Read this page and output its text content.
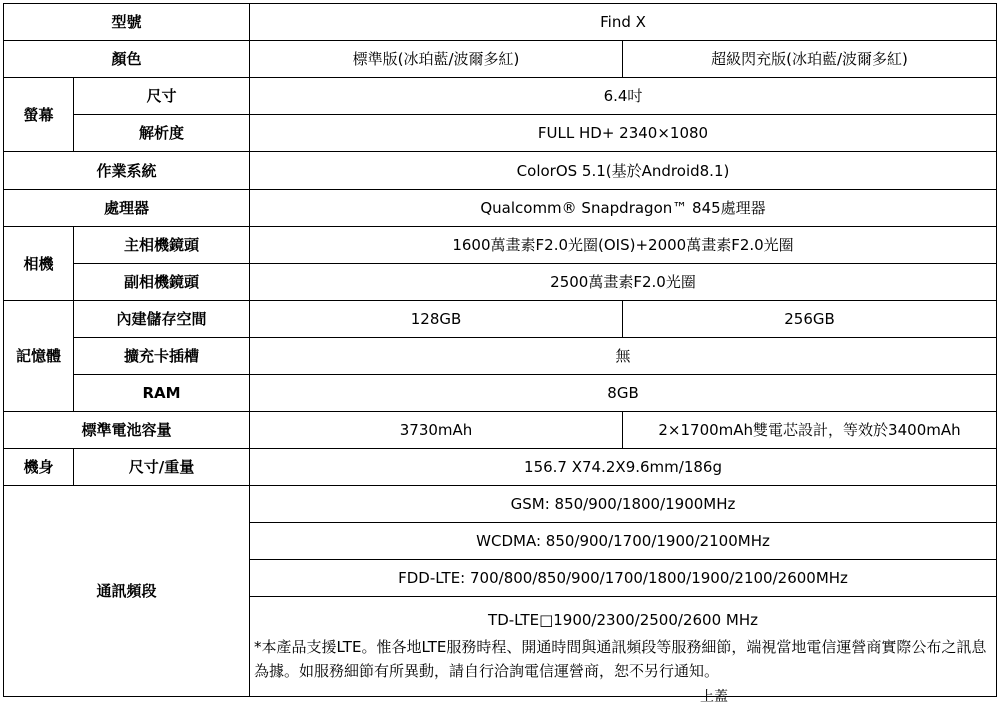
型號		Find X	
顏色		標準版(冰珀藍/波爾多紅)	超級閃充版(冰珀藍/波爾多紅)
螢幕	尺寸	6.4吋	
	解析度	FULL HD+ 2340×1080	
作業系統		ColorOS 5.1(基於Android8.1)	
處理器		Qualcomm® Snapdragon™ 845處理器	
相機	主相機鏡頭	1600萬畫素F2.0光圈(OIS)+2000萬畫素F2.0光圈	
	副相機鏡頭	2500萬畫素F2.0光圈	
記憶體	內建儲存空間	128GB	256GB
	擴充卡插槽	無	
	RAM	8GB	
標準電池容量		3730mAh	2×1700mAh雙電芯設計，等效於3400mAh
機身	尺寸/重量	156.7 X74.2X9.6mm/186g	
通訊頻段		GSM: 850/900/1800/1900MHz	
		WCDMA: 850/900/1700/1900/2100MHz	
		FDD-LTE: 700/800/850/900/1700/1800/1900/2100/2600MHz	

		TD-LTE□1900/2300/2500/2600 MHz
*本產品支援LTE。惟各地LTE服務時程、開通時間與通訊頻段等服務細節，端視當地電信運營商實際公布之訊息為據。如服務細節有所異動，請自行洽詢電信運營商，恕不另行通知。	
上蓋
